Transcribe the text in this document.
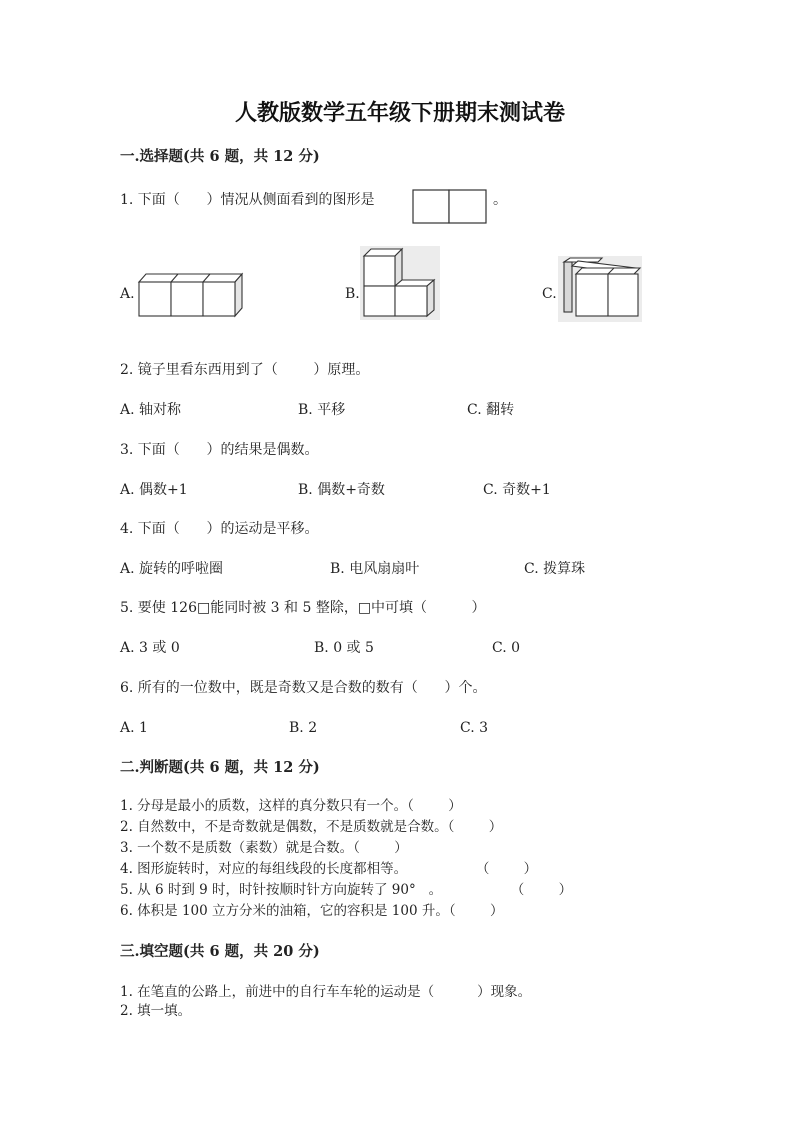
人教版数学五年级下册期末测试卷
一.选择题(共 6 题，共 12 分)
1. 下面（      ）情况从侧面看到的图形是	。
A.	B.	C.
2. 镜子里看东西用到了（        ）原理。
A. 轴对称	B. 平移	C. 翻转
3. 下面（      ）的结果是偶数。
A. 偶数+1	B. 偶数+奇数	C. 奇数+1
4. 下面（      ）的运动是平移。
A. 旋转的呼啦圈	B. 电风扇扇叶	C. 拨算珠
5. 要使 126□能同时被 3 和 5 整除，□中可填（          ）
A. 3 或 0	B. 0 或 5	C. 0
6. 所有的一位数中，既是奇数又是合数的数有（      ）个。
A. 1	B. 2	C. 3
二.判断题(共 6 题，共 12 分)
1. 分母是最小的质数，这样的真分数只有一个。（        ）
2. 自然数中，不是奇数就是偶数，不是质数就是合数。（        ）
3. 一个数不是质数（素数）就是合数。（        ）
4. 图形旋转时，对应的每组线段的长度都相等。                （        ）
5. 从 6 时到 9 时，时针按顺时针方向旋转了 90°   。                （        ）
6. 体积是 100 立方分米的油箱，它的容积是 100 升。（        ）
三.填空题(共 6 题，共 20 分)
1. 在笔直的公路上，前进中的自行车车轮的运动是（          ）现象。
2. 填一填。
